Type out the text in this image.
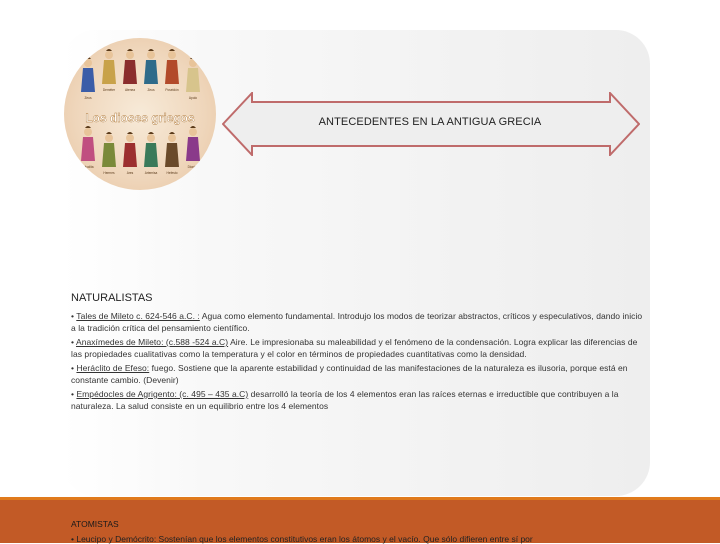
Zeus
Deméter	Atenea	Zeus	Poseidón
Apolo
Afrodita
Hermes	Ares	Artemisa	Hefesto
Dioniso
Los dioses griegos	ANTECEDENTES EN LA ANTIGUA GRECIA
NATURALISTAS
• Tales de Mileto c. 624-546 a.C. : Agua como elemento fundamental. Introdujo los modos de teorizar abstractos, críticos y especulativos, dando inicio a la tradición crítica del pensamiento científico.
• Anaxímedes de Mileto: (c.588 -524 a.C) Aire. Le impresionaba su maleabilidad y el fenómeno de la condensación. Logra explicar las diferencias de las propiedades cualitativas como la temperatura y el color en términos de propiedades cuantitativas como la densidad.
• Heráclito de Efeso: fuego. Sostiene que la aparente estabilidad y continuidad de las manifestaciones de la naturaleza es ilusoria, porque está en constante cambio. (Devenir)
• Empédocles de Agrigento: (c. 495 – 435 a.C) desarrolló la teoría de los 4 elementos eran las raíces eternas e irreductible que contribuyen a la naturaleza. La salud consiste en un equilibrio entre los 4 elementos
ATOMISTAS
• Leucipo y Demócrito: Sostenían que los elementos constitutivos eran los átomos y el vacío. Que sólo difieren entre sí por
